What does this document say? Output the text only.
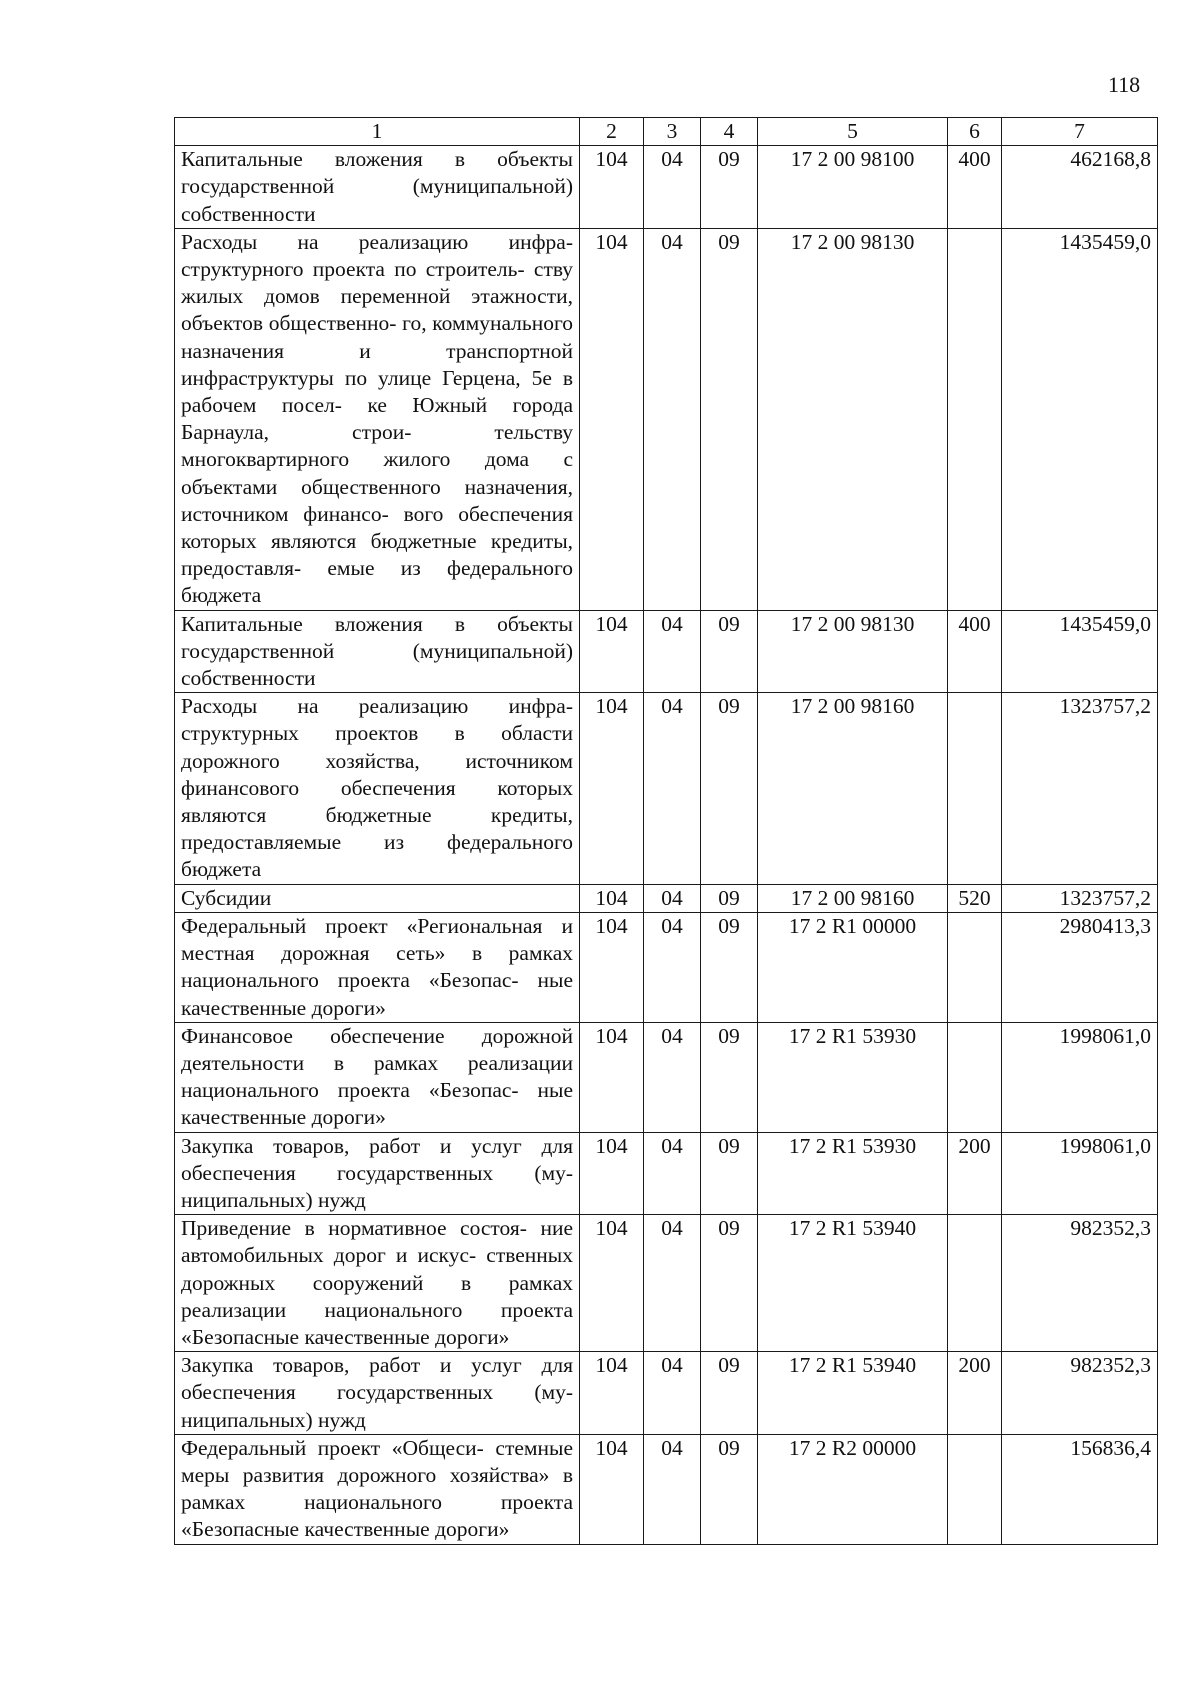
118
1	2	3	4	5	6	7
Капитальные вложения в объекты государственной (муниципальной) собственности	104	04	09	17 2 00 98100	400	462168,8
Расходы на реализацию инфра- структурного проекта по строитель- ству жилых домов переменной этажности, объектов общественно- го, коммунального назначения и транспортной инфраструктуры по улице Герцена, 5е в рабочем посел- ке Южный города Барнаула, строи- тельству многоквартирного жилого дома с объектами общественного назначения, источником финансо- вого обеспечения которых являются бюджетные кредиты, предоставля- емые из федерального бюджета	104	04	09	17 2 00 98130		1435459,0
Капитальные вложения в объекты государственной (муниципальной) собственности	104	04	09	17 2 00 98130	400	1435459,0
Расходы на реализацию инфра- структурных проектов в области дорожного хозяйства, источником финансового обеспечения которых являются бюджетные кредиты, предоставляемые из федерального бюджета	104	04	09	17 2 00 98160		1323757,2
Субсидии	104	04	09	17 2 00 98160	520	1323757,2
Федеральный проект «Региональная и местная дорожная сеть» в рамках национального проекта «Безопас- ные качественные дороги»	104	04	09	17 2 R1 00000		2980413,3
Финансовое обеспечение дорожной деятельности в рамках реализации национального проекта «Безопас- ные качественные дороги»	104	04	09	17 2 R1 53930		1998061,0
Закупка товаров, работ и услуг для обеспечения государственных (му- ниципальных) нужд	104	04	09	17 2 R1 53930	200	1998061,0
Приведение в нормативное состоя- ние автомобильных дорог и искус- ственных дорожных сооружений в рамках реализации национального проекта «Безопасные качественные дороги»	104	04	09	17 2 R1 53940		982352,3
Закупка товаров, работ и услуг для обеспечения государственных (му- ниципальных) нужд	104	04	09	17 2 R1 53940	200	982352,3
Федеральный проект «Общеси- стемные меры развития дорожного хозяйства» в рамках национального проекта «Безопасные качественные дороги»	104	04	09	17 2 R2 00000		156836,4
